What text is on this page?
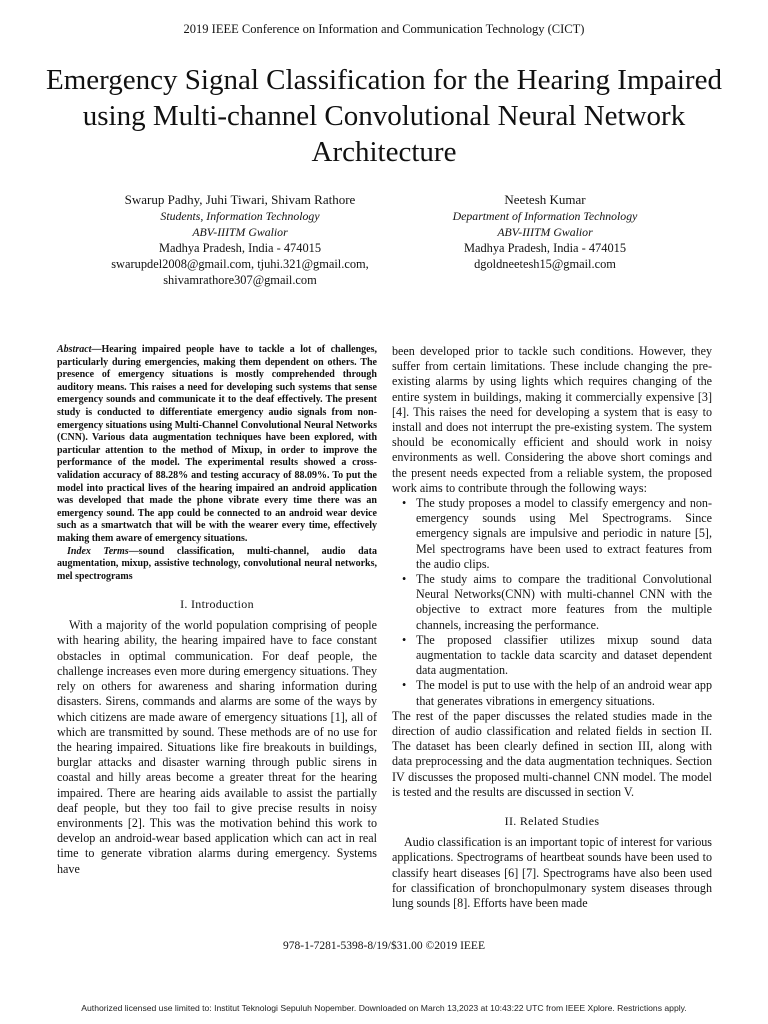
2019 IEEE Conference on Information and Communication Technology (CICT)
Emergency Signal Classification for the Hearing Impaired using Multi-channel Convolutional Neural Network Architecture
Swarup Padhy, Juhi Tiwari, Shivam Rathore
Students, Information Technology
ABV-IIITM Gwalior
Madhya Pradesh, India - 474015
swarupdel2008@gmail.com, tjuhi.321@gmail.com,
shivamrathore307@gmail.com
Neetesh Kumar
Department of Information Technology
ABV-IIITM Gwalior
Madhya Pradesh, India - 474015
dgoldneetesh15@gmail.com

Abstract—Hearing impaired people have to tackle a lot of challenges, particularly during emergencies, making them dependent on others. The presence of emergency situations is mostly comprehended through auditory means. This raises a need for developing such systems that sense emergency sounds and communicate it to the deaf effectively. The present study is conducted to differentiate emergency audio signals from non-emergency situations using Multi-Channel Convolutional Neural Networks (CNN). Various data augmentation techniques have been explored, with particular attention to the method of Mixup, in order to improve the performance of the model. The experimental results showed a cross-validation accuracy of 88.28% and testing accuracy of 88.09%. To put the model into practical lives of the hearing impaired an android application was developed that made the phone vibrate every time there was an emergency sound. The app could be connected to an android wear device such as a smartwatch that will be with the wearer every time, effectively making them aware of emergency situations.

Index Terms—sound classification, multi-channel, audio data augmentation, mixup, assistive technology, convolutional neural networks, mel spectrograms

I. Introduction

With a majority of the world population comprising of people with hearing ability, the hearing impaired have to face constant obstacles in optimal communication. For deaf people, the challenge increases even more during emergency situations. They rely on others for awareness and sharing information during disasters. Sirens, commands and alarms are some of the ways by which citizens are made aware of emergency situations [1], all of which are transmitted by sound. These methods are of no use for the hearing impaired. Situations like fire breakouts in buildings, burglar attacks and disaster warning through public sirens in coastal and hilly areas become a greater threat for the hearing impaired. There are hearing aids available to assist the partially deaf people, but they too fail to give precise results in noisy environments [2]. This was the motivation behind this work to develop an android-wear based application which can act in real time to generate vibration alarms during emergency. Systems have

been developed prior to tackle such conditions. However, they suffer from certain limitations. These include changing the pre-existing alarms by using lights which requires changing of the entire system in buildings, making it commercially expensive [3][4]. This raises the need for developing a system that is easy to install and does not interrupt the pre-existing system. The system should be economically efficient and should work in noisy environments as well. Considering the above short comings and the present needs expected from a reliable system, the proposed work aims to contribute through the following ways:

• The study proposes a model to classify emergency and non-emergency sounds using Mel Spectrograms. Since emergency signals are impulsive and periodic in nature [5], Mel spectrograms have been used to extract features from the audio clips.
• The study aims to compare the traditional Convolutional Neural Networks(CNN) with multi-channel CNN with the objective to extract more features from the multiple channels, increasing the performance.
• The proposed classifier utilizes mixup sound data augmentation to tackle data scarcity and dataset dependent data augmentation.
• The model is put to use with the help of an android wear app that generates vibrations in emergency situations.

The rest of the paper discusses the related studies made in the direction of audio classification and related fields in section II. The dataset has been clearly defined in section III, along with data preprocessing and the data augmentation techniques. Section IV discusses the proposed multi-channel CNN model. The model is tested and the results are discussed in section V.

II. Related Studies

Audio classification is an important topic of interest for various applications. Spectrograms of heartbeat sounds have been used to classify heart diseases [6] [7]. Spectrograms have also been used for classification of bronchopulmonary system diseases through lung sounds [8]. Efforts have been made

978-1-7281-5398-8/19/$31.00 ©2019 IEEE
Authorized licensed use limited to: Institut Teknologi Sepuluh Nopember. Downloaded on March 13,2023 at 10:43:22 UTC from IEEE Xplore. Restrictions apply.
